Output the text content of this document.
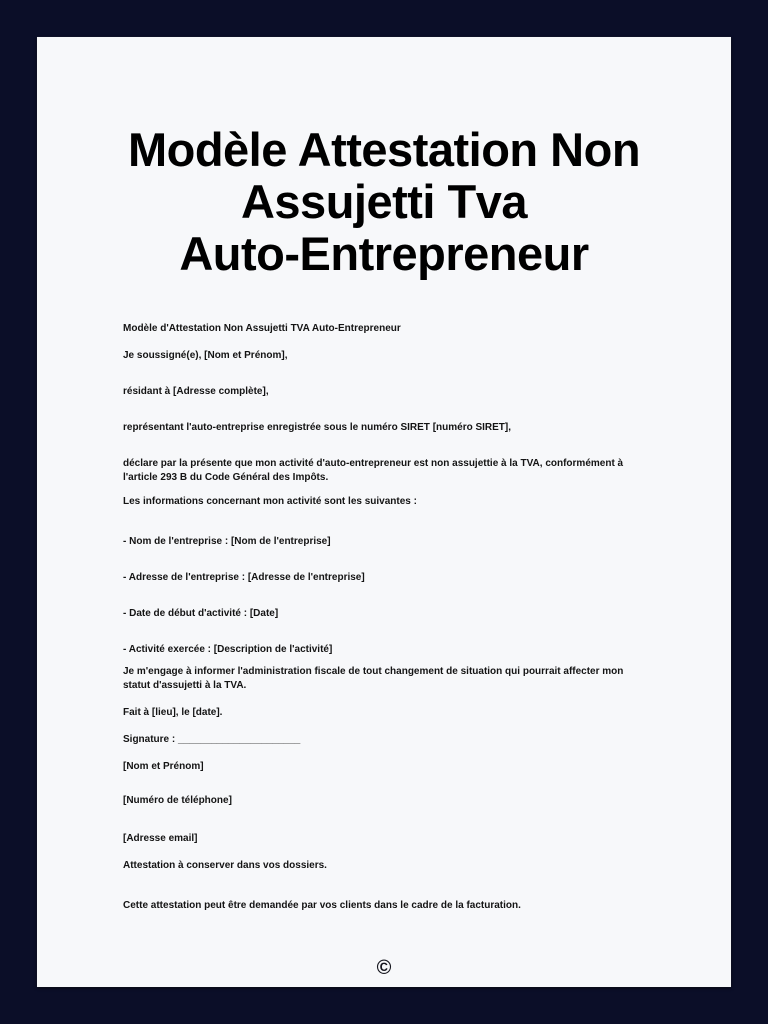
Modèle Attestation Non
Assujetti Tva
Auto-Entrepreneur

Modèle d'Attestation Non Assujetti TVA Auto-Entrepreneur

Je soussigné(e), [Nom et Prénom],

résidant à [Adresse complète],

représentant l'auto-entreprise enregistrée sous le numéro SIRET [numéro SIRET],

déclare par la présente que mon activité d'auto-entrepreneur est non assujettie à la TVA, conformément à l'article 293 B du Code Général des Impôts.

Les informations concernant mon activité sont les suivantes :

- Nom de l'entreprise : [Nom de l'entreprise]

- Adresse de l'entreprise : [Adresse de l'entreprise]

- Date de début d'activité : [Date]

- Activité exercée : [Description de l'activité]

Je m'engage à informer l'administration fiscale de tout changement de situation qui pourrait affecter mon statut d'assujetti à la TVA.

Fait à [lieu], le [date].

Signature : ______________________

[Nom et Prénom]

[Numéro de téléphone]

[Adresse email]

Attestation à conserver dans vos dossiers.

Cette attestation peut être demandée par vos clients dans le cadre de la facturation.

©
